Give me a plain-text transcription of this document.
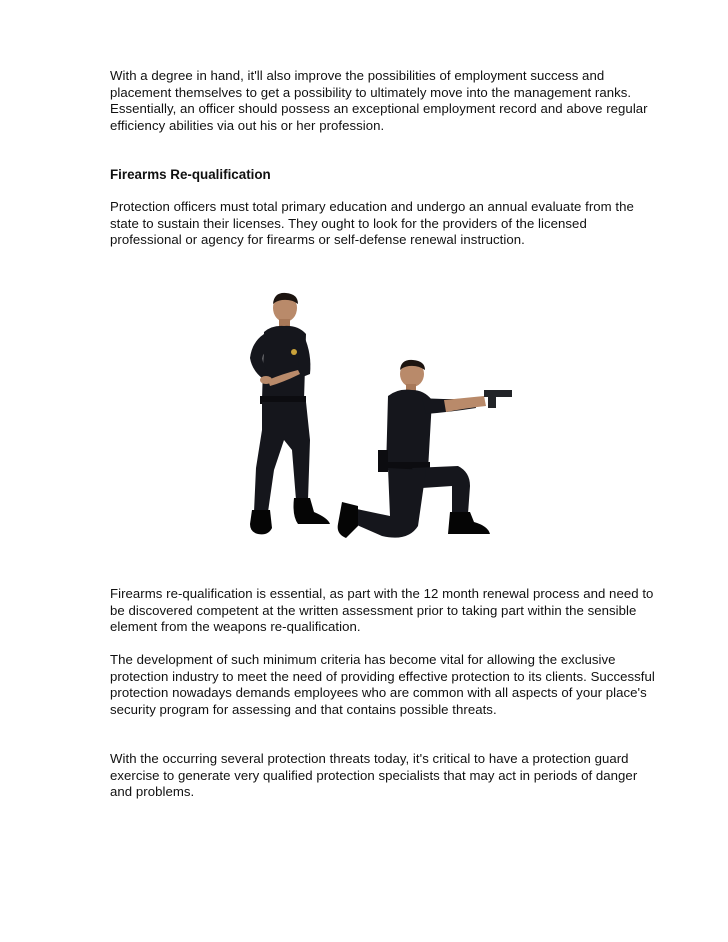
With a degree in hand, it'll also improve the possibilities of employment success and placement themselves to get a possibility to ultimately move into the management ranks. Essentially, an officer should possess an exceptional employment record and above regular efficiency abilities via out his or her profession.

Firearms Re-qualification

Protection officers must total primary education and undergo an annual evaluate from the state to sustain their licenses. They ought to look for the providers of the licensed professional or agency for firearms or self-defense renewal instruction.

Firearms re-qualification is essential, as part with the 12 month renewal process and need to be discovered competent at the written assessment prior to taking part within the sensible element from the weapons re-qualification.

The development of such minimum criteria has become vital for allowing the exclusive protection industry to meet the need of providing effective protection to its clients. Successful protection nowadays demands employees who are common with all aspects of your place's security program for assessing and that contains possible threats.

With the occurring several protection threats today, it's critical to have a protection guard exercise to generate very qualified protection specialists that may act in periods of danger and problems.
